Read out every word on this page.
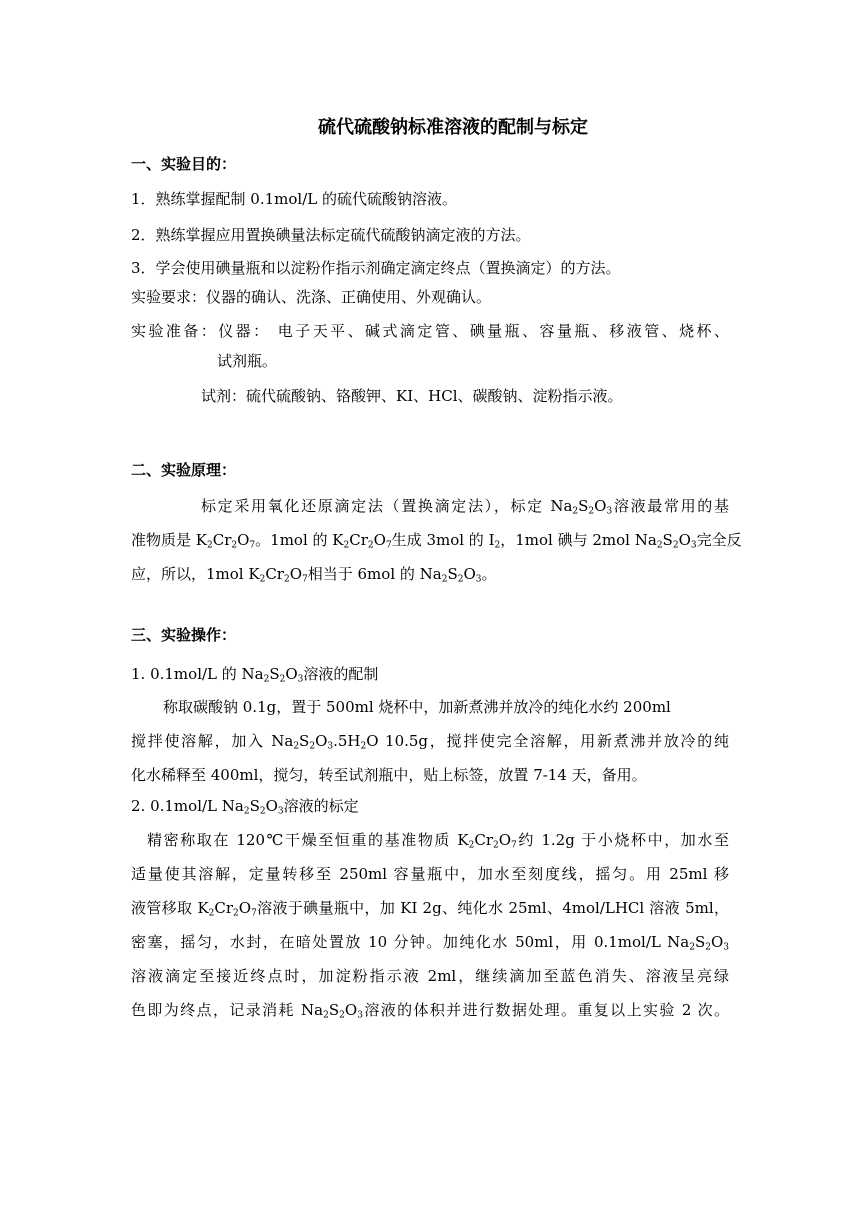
硫代硫酸钠标准溶液的配制与标定
一、实验目的：
1．熟练掌握配制 0.1mol/L 的硫代硫酸钠溶液。
2．熟练掌握应用置换碘量法标定硫代硫酸钠滴定液的方法。
3．学会使用碘量瓶和以淀粉作指示剂确定滴定终点（置换滴定）的方法。
实验要求：仪器的确认、洗涤、正确使用、外观确认。
实验准备：仪器： 电子天平、碱式滴定管、碘量瓶、容量瓶、移液管、烧杯、
试剂瓶。
试剂：硫代硫酸钠、铬酸钾、KI、HCl、碳酸钠、淀粉指示液。
二、实验原理：
标定采用氧化还原滴定法（置换滴定法），标定 $Na_2S_2O_3$溶液最常用的基
准物质是 $K_2Cr_2O_7$。1mol 的 $K_2Cr_2O_7$生成 3mol 的 $I_2$，1mol 碘与 2mol $Na_2S_2O_3$完全反
应，所以，1mol $K_2Cr_2O_7$相当于 6mol 的 $Na_2S_2O_3$。
三、实验操作：
1. 0.1mol/L 的 $Na_2S_2O_3$溶液的配制
称取碳酸钠 0.1g，置于 500ml 烧杯中，加新煮沸并放冷的纯化水约 200ml
搅拌使溶解，加入 $Na_2S_2O_3.5H_2O$ 10.5g，搅拌使完全溶解，用新煮沸并放冷的纯
化水稀释至 400ml，搅匀，转至试剂瓶中，贴上标签，放置 7-14 天，备用。
2. 0.1mol/L $Na_2S_2O_3$溶液的标定
精密称取在 120℃干燥至恒重的基准物质 $K_2Cr_2O_7$约 1.2g 于小烧杯中，加水至
适量使其溶解，定量转移至 250ml 容量瓶中，加水至刻度线，摇匀。用 25ml 移
液管移取 $K_2Cr_2O_7$溶液于碘量瓶中，加 KI 2g、纯化水 25ml、4mol/LHCl 溶液 5ml，
密塞，摇匀，水封，在暗处置放 10 分钟。加纯化水 50ml，用 0.1mol/L $Na_2S_2O_3$
溶液滴定至接近终点时，加淀粉指示液 2ml，继续滴加至蓝色消失、溶液呈亮绿
色即为终点，记录消耗 $Na_2S_2O_3$溶液的体积并进行数据处理。重复以上实验 2 次。
